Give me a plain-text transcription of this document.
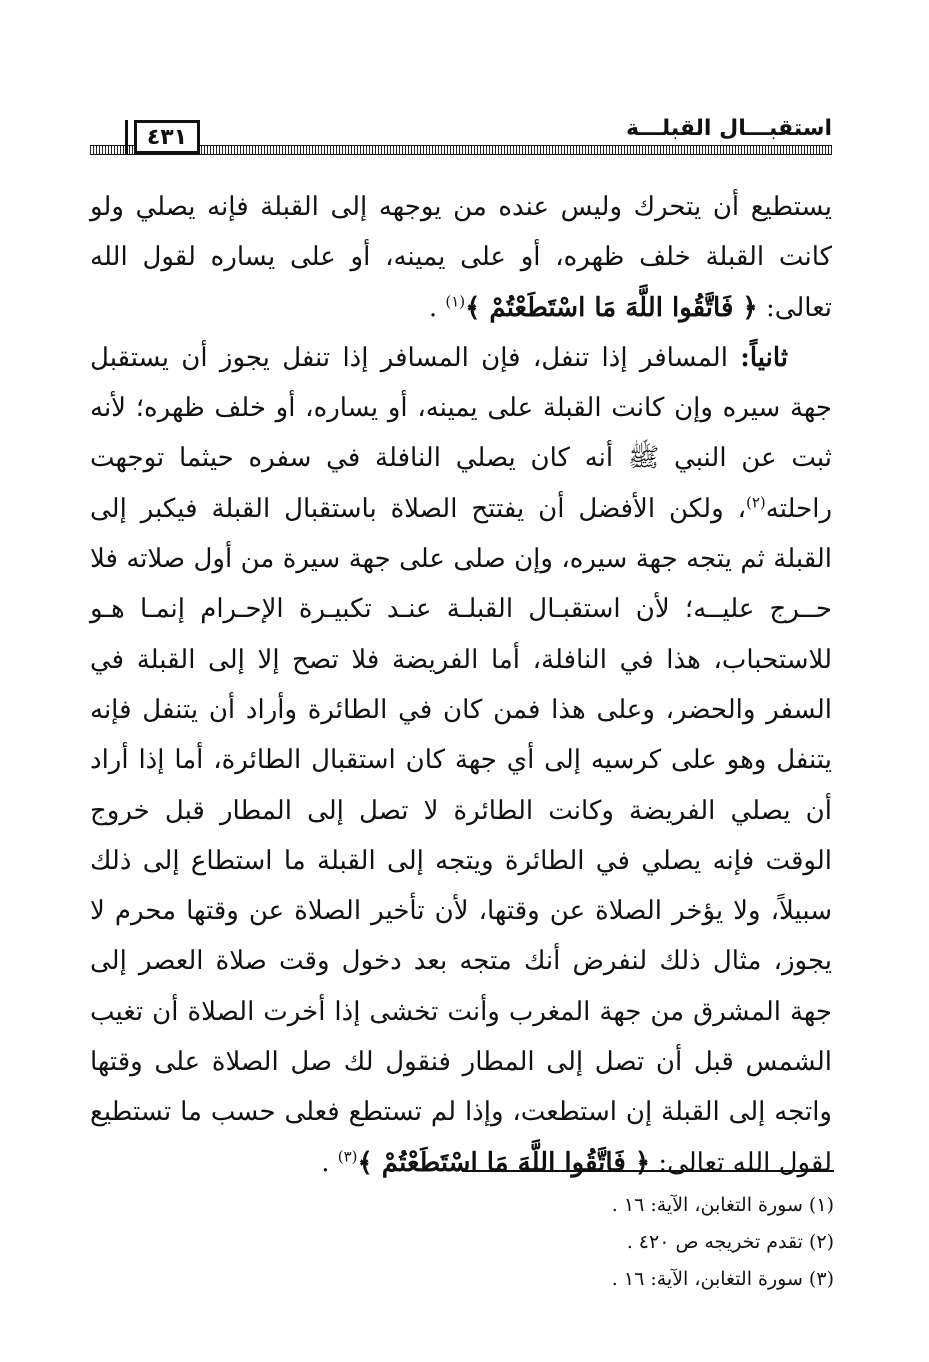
٤٣١	استقبـــال القبلـــة

يستطيع أن يتحرك وليس عنده من يوجهه إلى القبلة فإنه يصلي ولو كانت القبلة خلف ظهره، أو على يمينه، أو على يساره لقول الله تعالى: ﴿ فَاتَّقُوا اللَّهَ مَا اسْتَطَعْتُمْ ﴾$^{(١)}$ .

ثانياً: المسافر إذا تنفل، فإن المسافر إذا تنفل يجوز أن يستقبل جهة سيره وإن كانت القبلة على يمينه، أو يساره، أو خلف ظهره؛ لأنه ثبت عن النبي ﷺ أنه كان يصلي النافلة في سفره حيثما توجهت راحلته$^{(٢)}$، ولكن الأفضل أن يفتتح الصلاة باستقبال القبلة فيكبر إلى القبلة ثم يتجه جهة سيره، وإن صلى على جهة سيرة من أول صلاته فلا حــرج عليــه؛ لأن استقبـال القبلـة عنـد تكبيـرة الإحـرام إنمـا هـو للاستحباب، هذا في النافلة، أما الفريضة فلا تصح إلا إلى القبلة في السفر والحضر، وعلى هذا فمن كان في الطائرة وأراد أن يتنفل فإنه يتنفل وهو على كرسيه إلى أي جهة كان استقبال الطائرة، أما إذا أراد أن يصلي الفريضة وكانت الطائرة لا تصل إلى المطار قبل خروج الوقت فإنه يصلي في الطائرة ويتجه إلى القبلة ما استطاع إلى ذلك سبيلاً، ولا يؤخر الصلاة عن وقتها، لأن تأخير الصلاة عن وقتها محرم لا يجوز، مثال ذلك لنفرض أنك متجه بعد دخول وقت صلاة العصر إلى جهة المشرق من جهة المغرب وأنت تخشى إذا أخرت الصلاة أن تغيب الشمس قبل أن تصل إلى المطار فنقول لك صل الصلاة على وقتها واتجه إلى القبلة إن استطعت، وإذا لم تستطع فعلى حسب ما تستطيع لقول الله تعالى: ﴿ فَاتَّقُوا اللَّهَ مَا اسْتَطَعْتُمْ ﴾$^{(٣)}$ .

(١) سورة التغابن، الآية: ١٦ .
(٢) تقدم تخريجه ص ٤٢٠ .
(٣) سورة التغابن، الآية: ١٦ .
